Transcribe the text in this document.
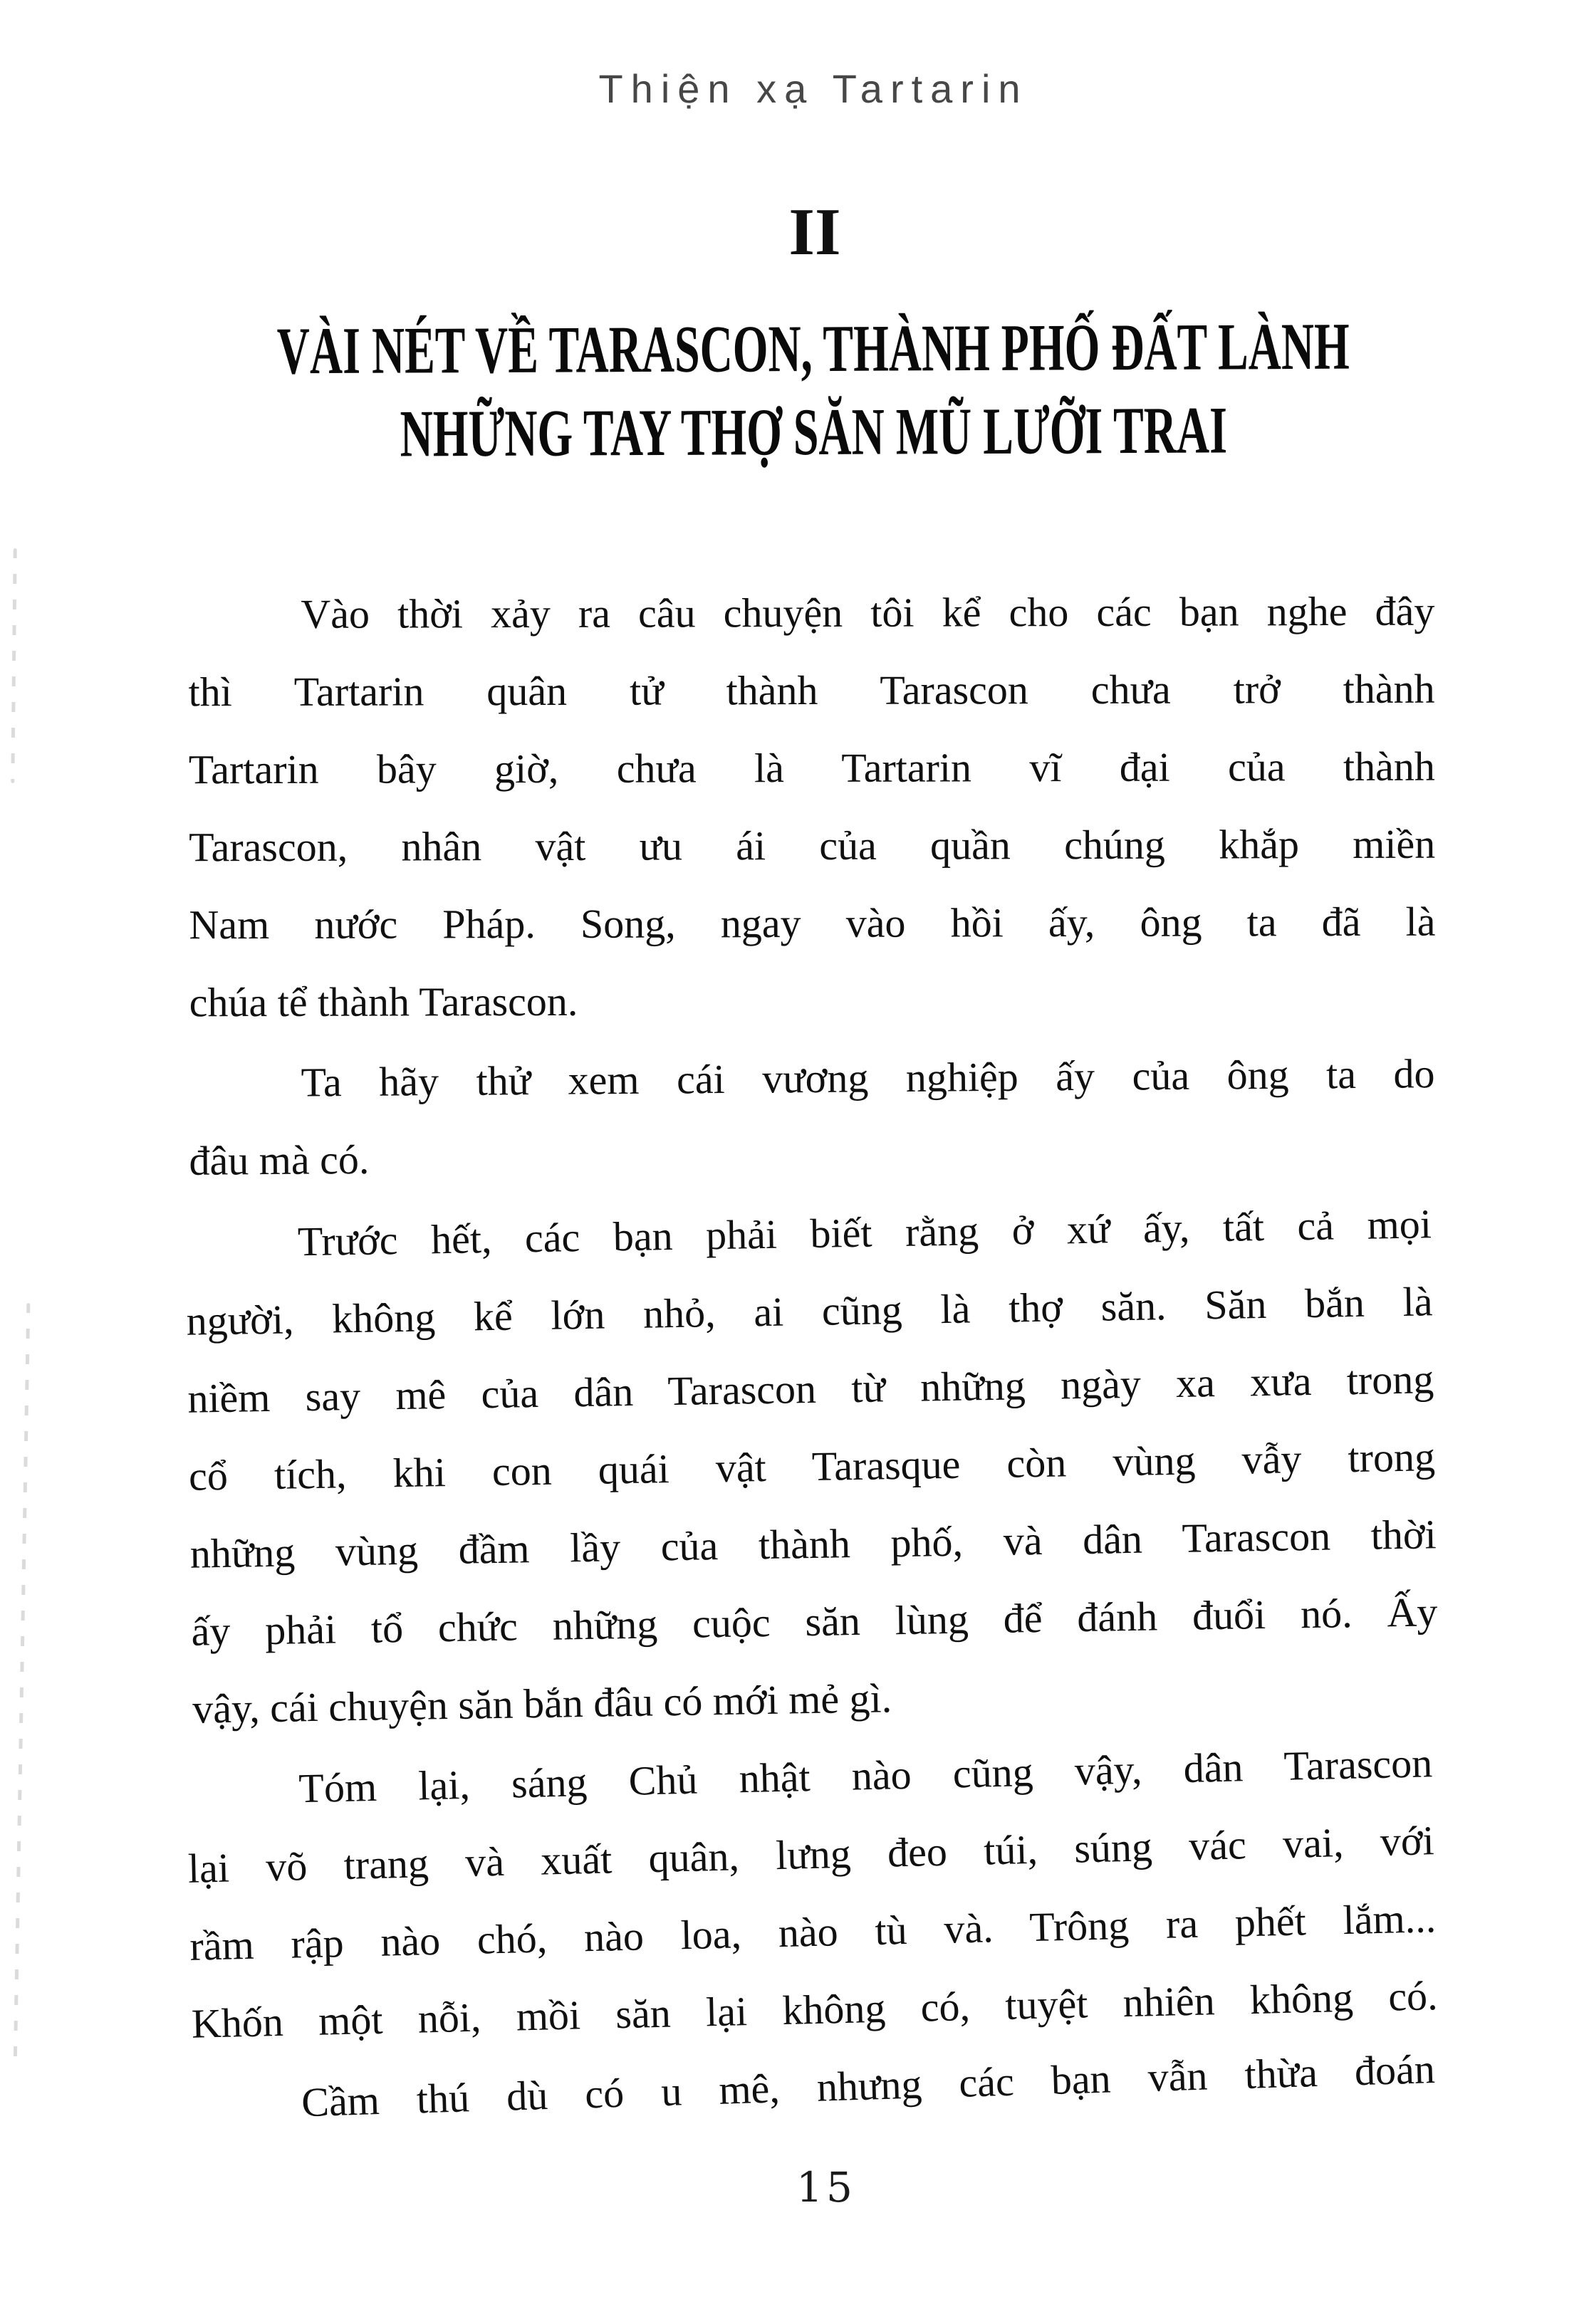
Thiện xạ Tartarin
II
VÀI NÉT VỀ TARASCON, THÀNH PHỐ ĐẤT LÀNH
NHỮNG TAY THỢ SĂN MŨ LƯỠI TRAI
Vào thời xảy ra câu chuyện tôi kể cho các bạn nghe đây
thì Tartarin quân tử thành Tarascon chưa trở thành
Tartarin bây giờ, chưa là Tartarin vĩ đại của thành
Tarascon, nhân vật ưu ái của quần chúng khắp miền
Nam nước Pháp. Song, ngay vào hồi ấy, ông ta đã là
chúa tể thành Tarascon.
Ta hãy thử xem cái vương nghiệp ấy của ông ta do
đâu mà có.
Trước hết, các bạn phải biết rằng ở xứ ấy, tất cả mọi
người, không kể lớn nhỏ, ai cũng là thợ săn. Săn bắn là
niềm say mê của dân Tarascon từ những ngày xa xưa trong
cổ tích, khi con quái vật Tarasque còn vùng vẫy trong
những vùng đầm lầy của thành phố, và dân Tarascon thời
ấy phải tổ chức những cuộc săn lùng để đánh đuổi nó. Ấy
vậy, cái chuyện săn bắn đâu có mới mẻ gì.
Tóm lại, sáng Chủ nhật nào cũng vậy, dân Tarascon
lại võ trang và xuất quân, lưng đeo túi, súng vác vai, với
rầm rập nào chó, nào loa, nào tù và. Trông ra phết lắm...
Khốn một nỗi, mồi săn lại không có, tuyệt nhiên không có.
Cầm thú dù có u mê, nhưng các bạn vẫn thừa đoán
15
